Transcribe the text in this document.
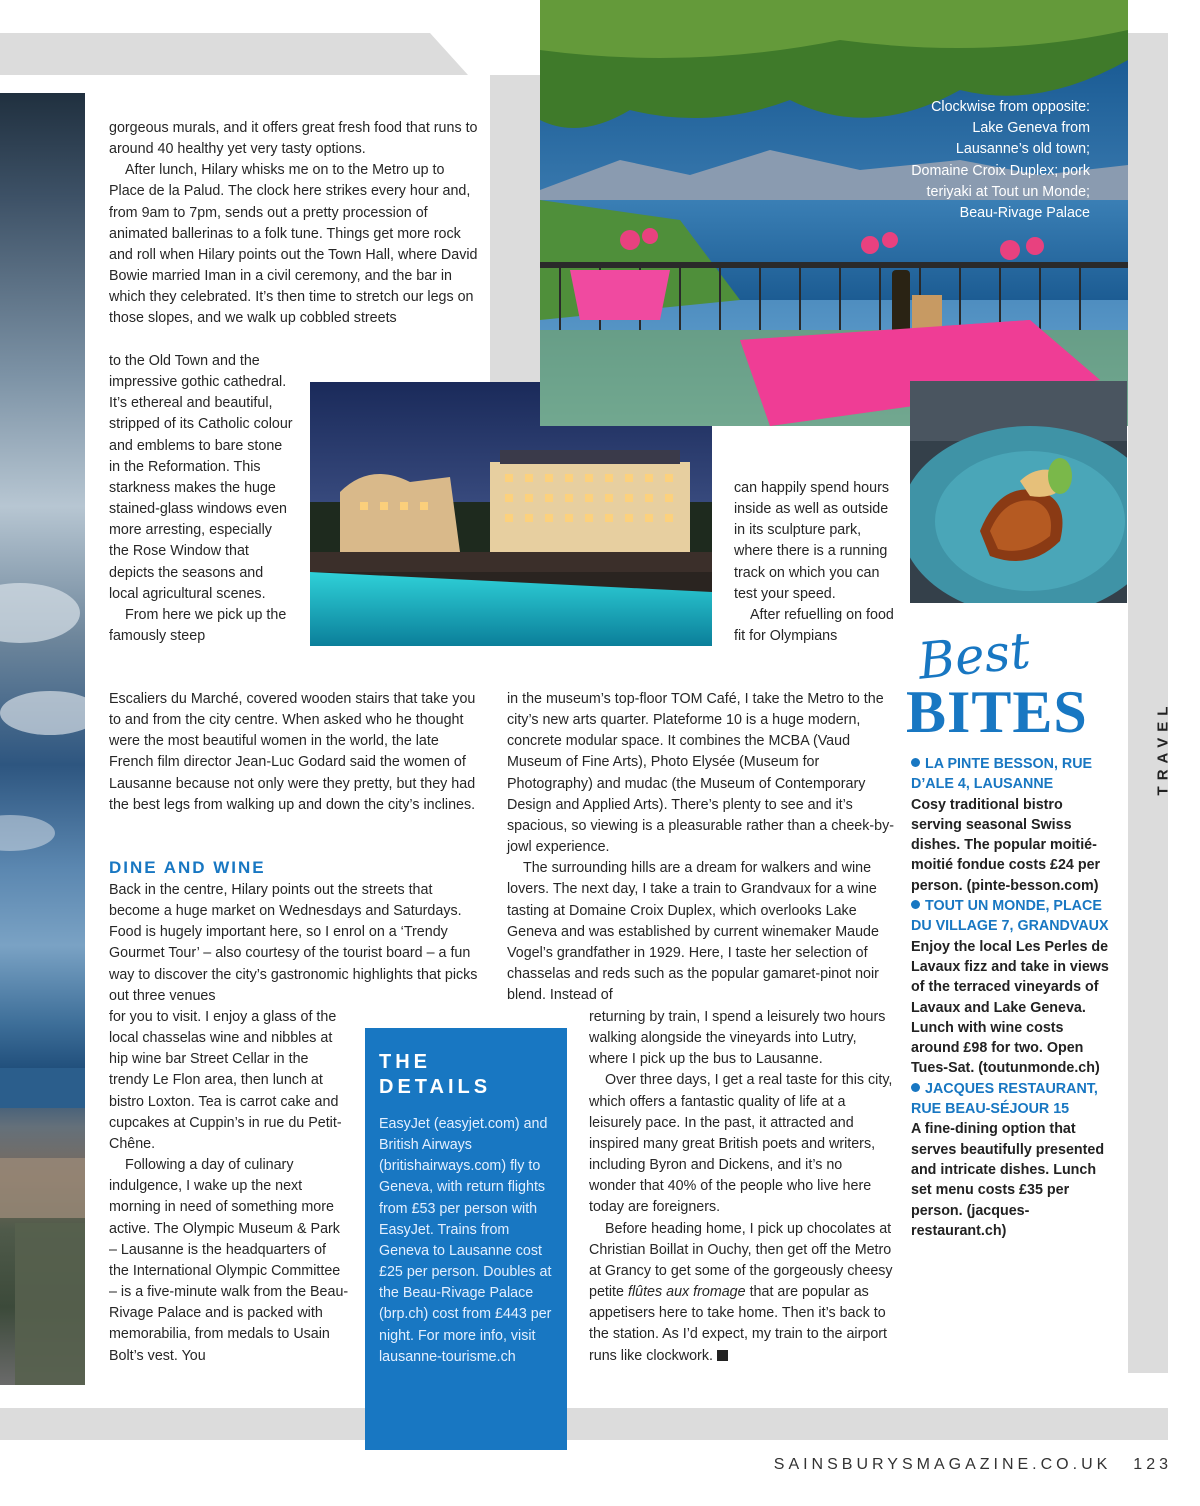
gorgeous murals, and it offers great fresh food that runs to around 40 healthy yet very tasty options.

After lunch, Hilary whisks me on to the Metro up to Place de la Palud. The clock here strikes every hour and, from 9am to 7pm, sends out a pretty procession of animated ballerinas to a folk tune. Things get more rock and roll when Hilary points out the Town Hall, where David Bowie married Iman in a civil ceremony, and the bar in which they celebrated. It’s then time to stretch our legs on those slopes, and we walk up cobbled streets

to the Old Town and the impressive gothic cathedral. It’s ethereal and beautiful, stripped of its Catholic colour and emblems to bare stone in the Reformation. This starkness makes the huge stained-glass windows even more arresting, especially the Rose Window that depicts the seasons and local agricultural scenes.

From here we pick up the famously steep

Escaliers du Marché, covered wooden stairs that take you to and from the city centre. When asked who he thought were the most beautiful women in the world, the late French film director Jean-Luc Godard said the women of Lausanne because not only were they pretty, but they had the best legs from walking up and down the city’s inclines.

DINE AND WINE

Back in the centre, Hilary points out the streets that become a huge market on Wednesdays and Saturdays. Food is hugely important here, so I enrol on a ‘Trendy Gourmet Tour’ – also courtesy of the tourist board – a fun way to discover the city’s gastronomic highlights that picks out three venues

for you to visit. I enjoy a glass of the local chasselas wine and nibbles at hip wine bar Street Cellar in the trendy Le Flon area, then lunch at bistro Loxton. Tea is carrot cake and cupcakes at Cuppin’s in rue du Petit-Chêne.

Following a day of culinary indulgence, I wake up the next morning in need of something more active. The Olympic Museum & Park – Lausanne is the headquarters of the International Olympic Committee – is a five-minute walk from the Beau-Rivage Palace and is packed with memorabilia, from medals to Usain Bolt’s vest. You

can happily spend hours inside as well as outside in its sculpture park, where there is a running track on which you can test your speed.

After refuelling on food fit for Olympians

in the museum’s top-floor TOM Café, I take the Metro to the city’s new arts quarter. Plateforme 10 is a huge modern, concrete modular space. It combines the MCBA (Vaud Museum of Fine Arts), Photo Elysée (Museum for Photography) and mudac (the Museum of Contemporary Design and Applied Arts). There’s plenty to see and it’s spacious, so viewing is a pleasurable rather than a cheek-by-jowl experience.

The surrounding hills are a dream for walkers and wine lovers. The next day, I take a train to Grandvaux for a wine tasting at Domaine Croix Duplex, which overlooks Lake Geneva and was established by current winemaker Maude Vogel’s grandfather in 1929. Here, I taste her selection of chasselas and reds such as the popular gamaret-pinot noir blend. Instead of

returning by train, I spend a leisurely two hours walking alongside the vineyards into Lutry, where I pick up the bus to Lausanne.

Over three days, I get a real taste for this city, which offers a fantastic quality of life at a leisurely pace. In the past, it attracted and inspired many great British poets and writers, including Byron and Dickens, and it’s no wonder that 40% of the people who live here today are foreigners.

Before heading home, I pick up chocolates at Christian Boillat in Ouchy, then get off the Metro at Grancy to get some of the gorgeously cheesy petite flûtes aux fromage that are popular as appetisers here to take home. Then it’s back to the station. As I’d expect, my train to the airport runs like clockwork.

THE
DETAILS
EasyJet (easyjet.com) and British Airways (britishairways.com) fly to Geneva, with return flights from £53 per person with EasyJet. Trains from Geneva to Lausanne cost £25 per person. Doubles at the Beau-Rivage Palace (brp.ch) cost from £443 per night. For more info, visit lausanne-tourisme.ch
Clockwise from opposite:
Lake Geneva from
Lausanne’s old town;
Domaine Croix Duplex; pork
teriyaki at Tout un Monde;
Beau-Rivage Palace
Best
BITES
LA PINTE BESSON, RUE D’ALE 4, LAUSANNE
Cosy traditional bistro serving seasonal Swiss dishes. The popular moitié-moitié fondue costs £24 per person. (pinte-besson.com)
TOUT UN MONDE, PLACE DU VILLAGE 7, GRANDVAUX
Enjoy the local Les Perles de Lavaux fizz and take in views of the terraced vineyards of Lavaux and Lake Geneva. Lunch with wine costs around £98 for two. Open Tues-Sat. (toutunmonde.ch)
JACQUES RESTAURANT, RUE BEAU-SÉJOUR 15
A fine-dining option that serves beautifully presented and intricate dishes. Lunch set menu costs £35 per person. (jacques-restaurant.ch)
TRAVEL
SAINSBURYSMAGAZINE.CO.UK 123
